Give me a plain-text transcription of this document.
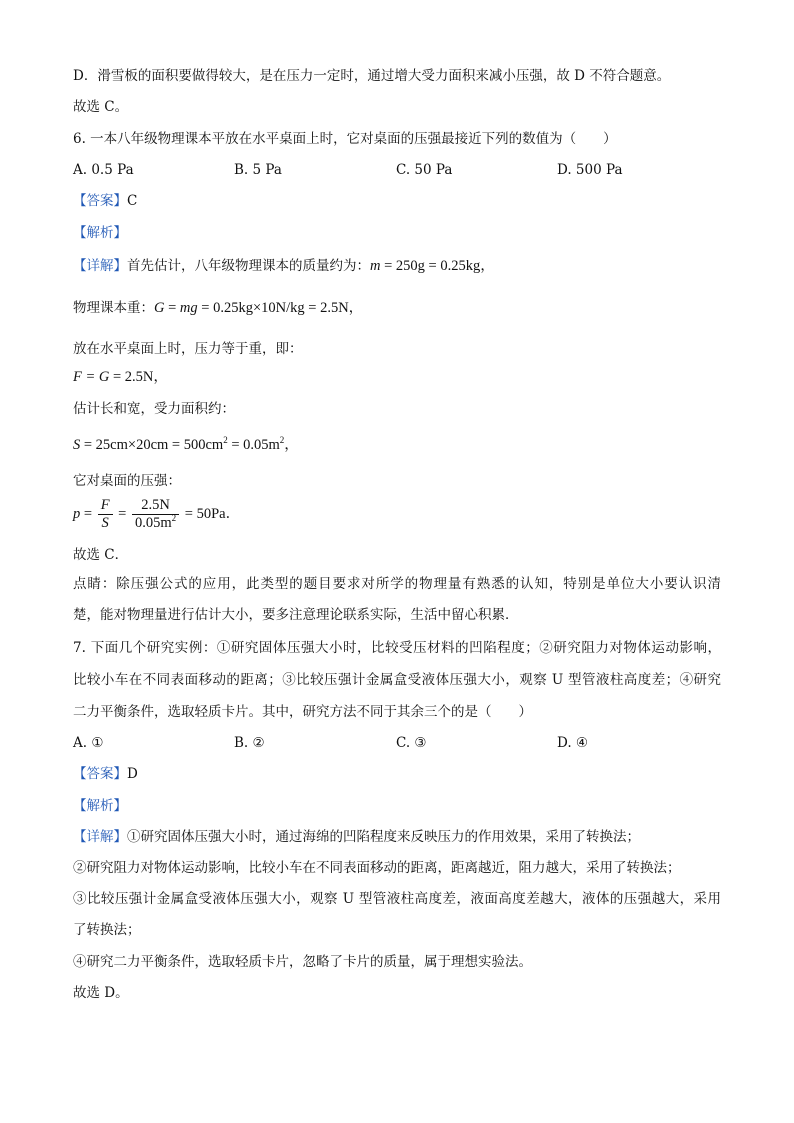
D．滑雪板的面积要做得较大，是在压力一定时，通过增大受力面积来减小压强，故 D 不符合题意。
故选 C。
6. 一本八年级物理课本平放在水平桌面上时，它对桌面的压强最接近下列的数值为（　　）
A. 0.5 Pa	B. 5 Pa	C. 50 Pa	D. 500 Pa
【答案】C
【解析】
【详解】首先估计，八年级物理课本的质量约为：m = 250g = 0.25kg，
物理课本重：G = mg = 0.25kg×10N/kg = 2.5N，
放在水平桌面上时，压力等于重，即：
F = G = 2.5N，
估计长和宽，受力面积约：
$S = 25cm\times 20cm = 500cm^2 = 0.05m^2$，
它对桌面的压强：
$p = \frac{F}{S} = \frac{2.5N}{0.05m^2} = 50Pa$．
故选 C．
点睛：除压强公式的应用，此类型的题目要求对所学的物理量有熟悉的认知，特别是单位大小要认识清
楚，能对物理量进行估计大小，要多注意理论联系实际，生活中留心积累．
7. 下面几个研究实例：①研究固体压强大小时，比较受压材料的凹陷程度；②研究阻力对物体运动影响，
比较小车在不同表面移动的距离；③比较压强计金属盒受液体压强大小，观察 U 型管液柱高度差；④研究
二力平衡条件，选取轻质卡片。其中，研究方法不同于其余三个的是（　　）
A. ①	B. ②	C. ③	D. ④
【答案】D
【解析】
【详解】①研究固体压强大小时，通过海绵的凹陷程度来反映压力的作用效果，采用了转换法；
②研究阻力对物体运动影响，比较小车在不同表面移动的距离，距离越近，阻力越大，采用了转换法；
③比较压强计金属盒受液体压强大小，观察 U 型管液柱高度差，液面高度差越大，液体的压强越大，采用
了转换法；
④研究二力平衡条件，选取轻质卡片，忽略了卡片的质量，属于理想实验法。
故选 D。
